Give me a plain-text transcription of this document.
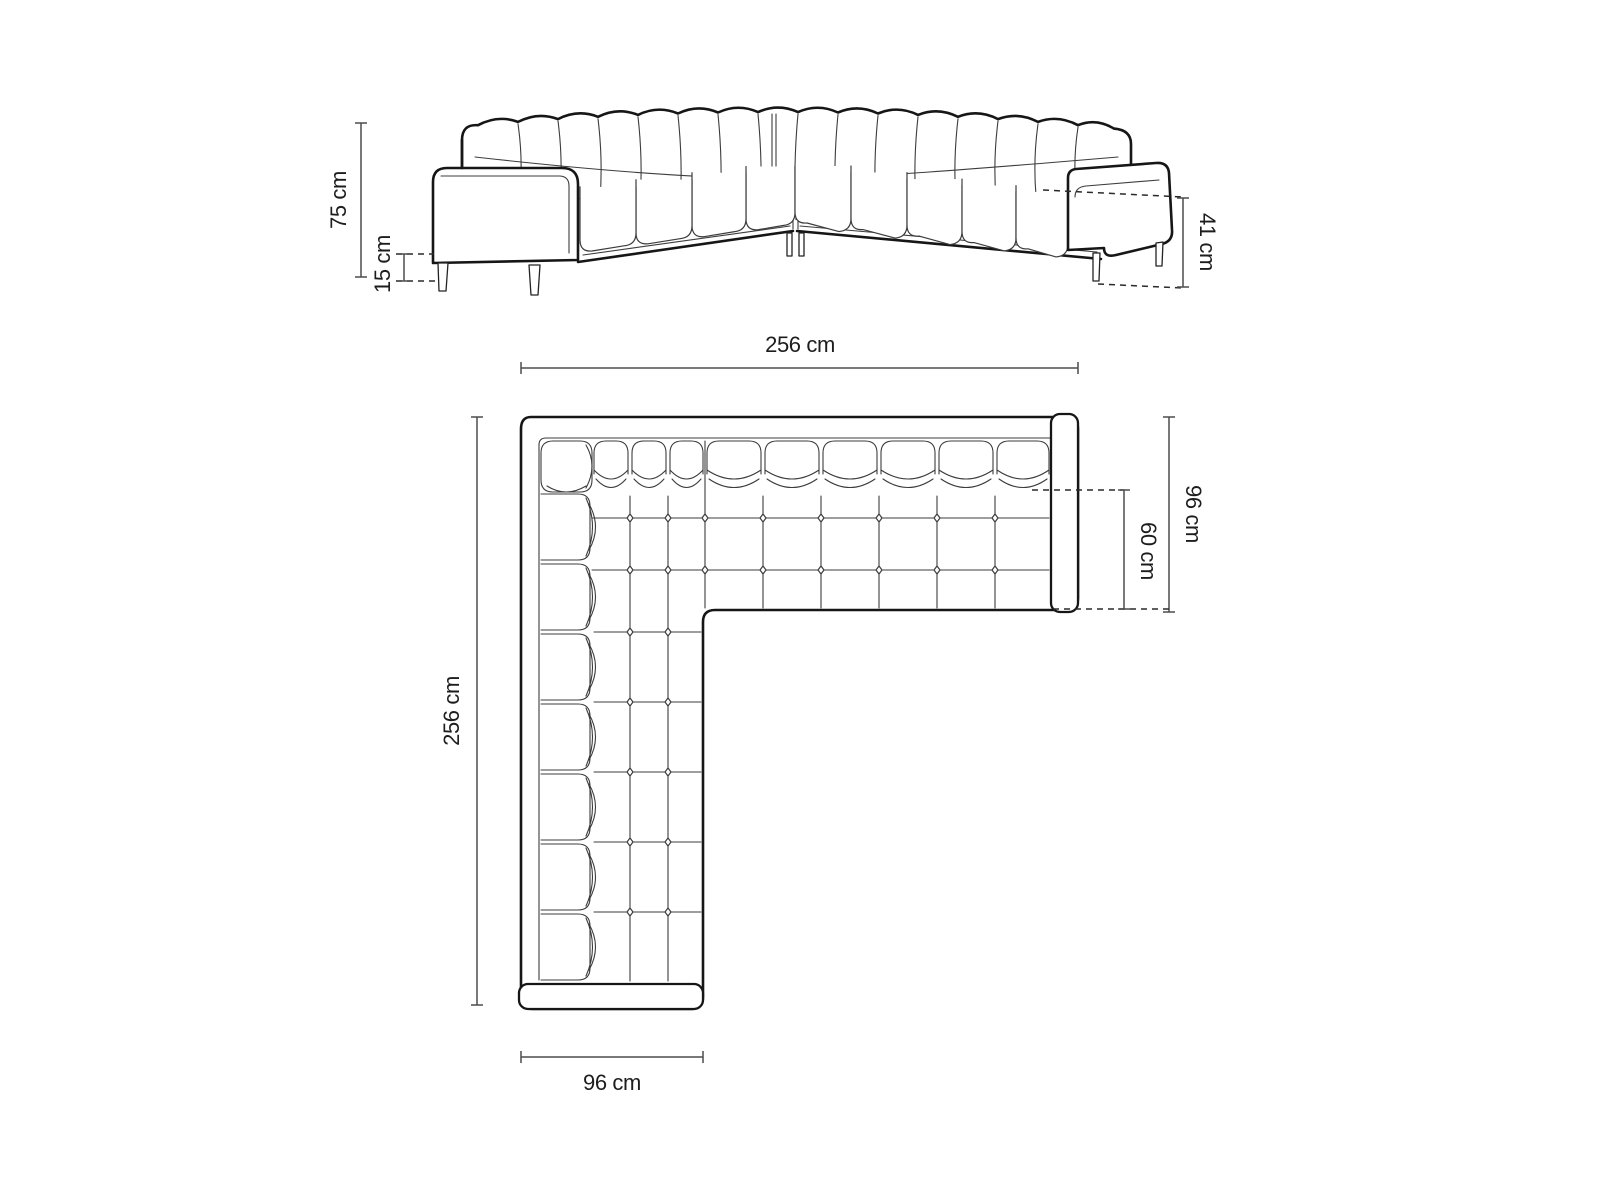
75 cm
15 cm	41 cm
256 cm
96 cm
60 cm
256 cm
96 cm
